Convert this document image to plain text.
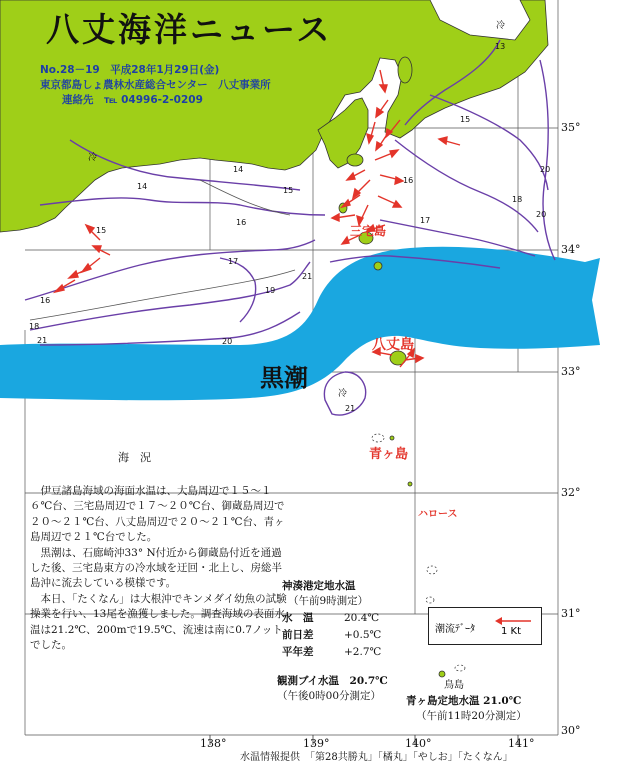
八丈海洋ニュース
No.28－19　平成28年1月29日(金)
東京都島しょ農林水産総合センター　八丈事業所
連絡先　℡ 04996-2-0209
黒潮
三宅島
八丈島
青ヶ島
ハロース
鳥島
冷
冷
冷
13
14	15
16
17
18
19
20
21
17
16
15
14
15
16
18
20
21
21
20
35°
34°
33°
32°
31°
30°
138°	139°	140°	141°
海　況

　伊豆諸島海域の海面水温は、大島周辺で１５～１６℃台、三宅島周辺で１７～２０℃台、御蔵島周辺で２０～２１℃台、八丈島周辺で２０～２１℃台、青ヶ島周辺で２１℃台でした。

　黒潮は、石廊崎沖33° N付近から御蔵島付近を通過した後、三宅島東方の冷水域を迂回・北上し、房総半島沖に流去している模様です。

　本日、「たくなん」は大根沖でキンメダイ幼魚の試験操業を行い、13尾を漁獲しました。調査海域の表面水温は21.2℃、200mで19.5℃、流速は南に0.7ノットでした。

神湊港定地水温
（午前9時測定）
水　温	20.4℃
前日差	+0.5℃
平年差	+2.7℃
観測ブイ水温　20.7℃
（午後0時00分測定）	青ヶ島定地水温 21.0℃
（午前11時20分測定）
潮流ﾃﾞｰﾀ	1 Kt
水温情報提供　「第28共勝丸」「橘丸」「やしお」「たくなん」
